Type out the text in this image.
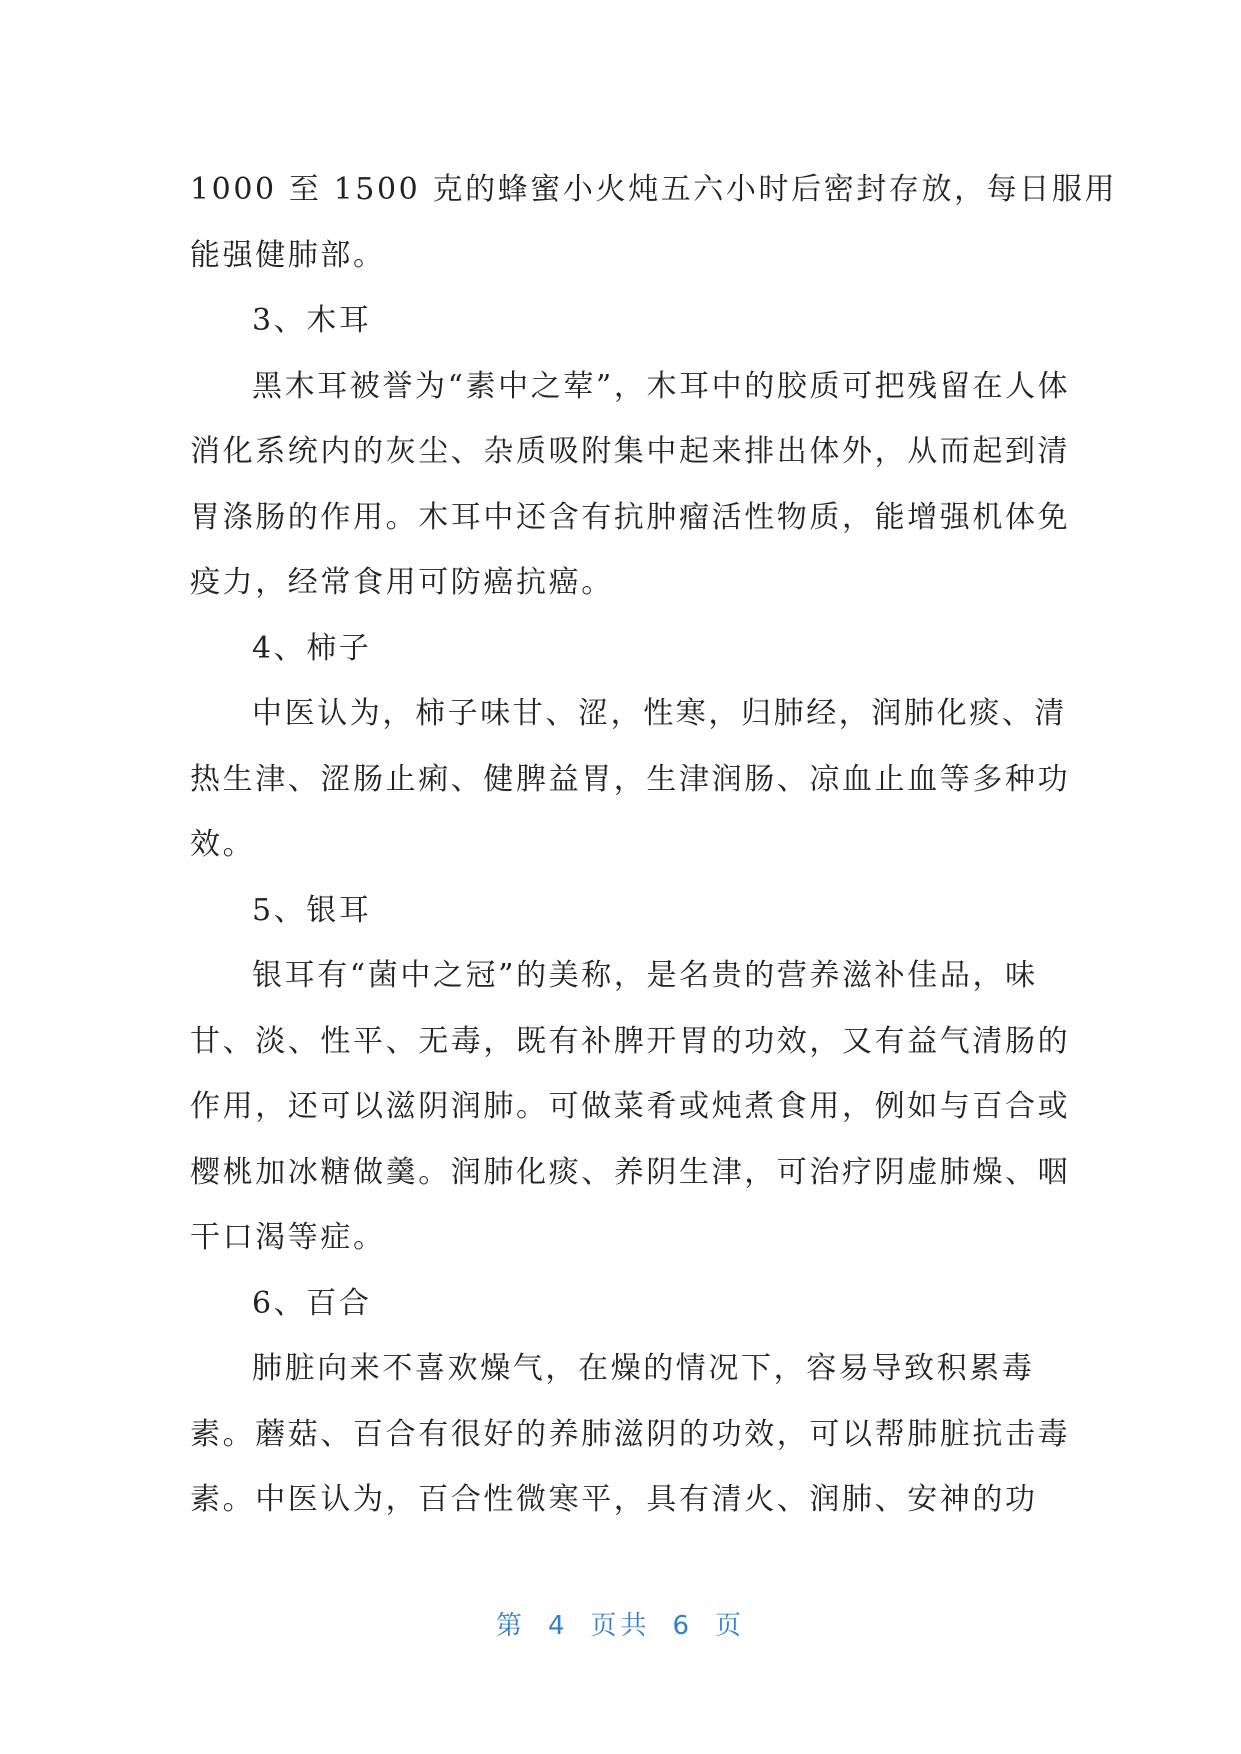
1000 至 1500 克的蜂蜜小火炖五六小时后密封存放，每日服用
能强健肺部。
3、木耳
黑木耳被誉为“素中之荤”，木耳中的胶质可把残留在人体
消化系统内的灰尘、杂质吸附集中起来排出体外，从而起到清
胃涤肠的作用。木耳中还含有抗肿瘤活性物质，能增强机体免
疫力，经常食用可防癌抗癌。
4、柿子
中医认为，柿子味甘、涩，性寒，归肺经，润肺化痰、清
热生津、涩肠止痢、健脾益胃，生津润肠、凉血止血等多种功
效。
5、银耳
银耳有“菌中之冠”的美称，是名贵的营养滋补佳品，味
甘、淡、性平、无毒，既有补脾开胃的功效，又有益气清肠的
作用，还可以滋阴润肺。可做菜肴或炖煮食用，例如与百合或
樱桃加冰糖做羹。润肺化痰、养阴生津，可治疗阴虚肺燥、咽
干口渴等症。
6、百合
肺脏向来不喜欢燥气，在燥的情况下，容易导致积累毒
素。蘑菇、百合有很好的养肺滋阴的功效，可以帮肺脏抗击毒
素。中医认为，百合性微寒平，具有清火、润肺、安神的功
第 4 页共 6 页
